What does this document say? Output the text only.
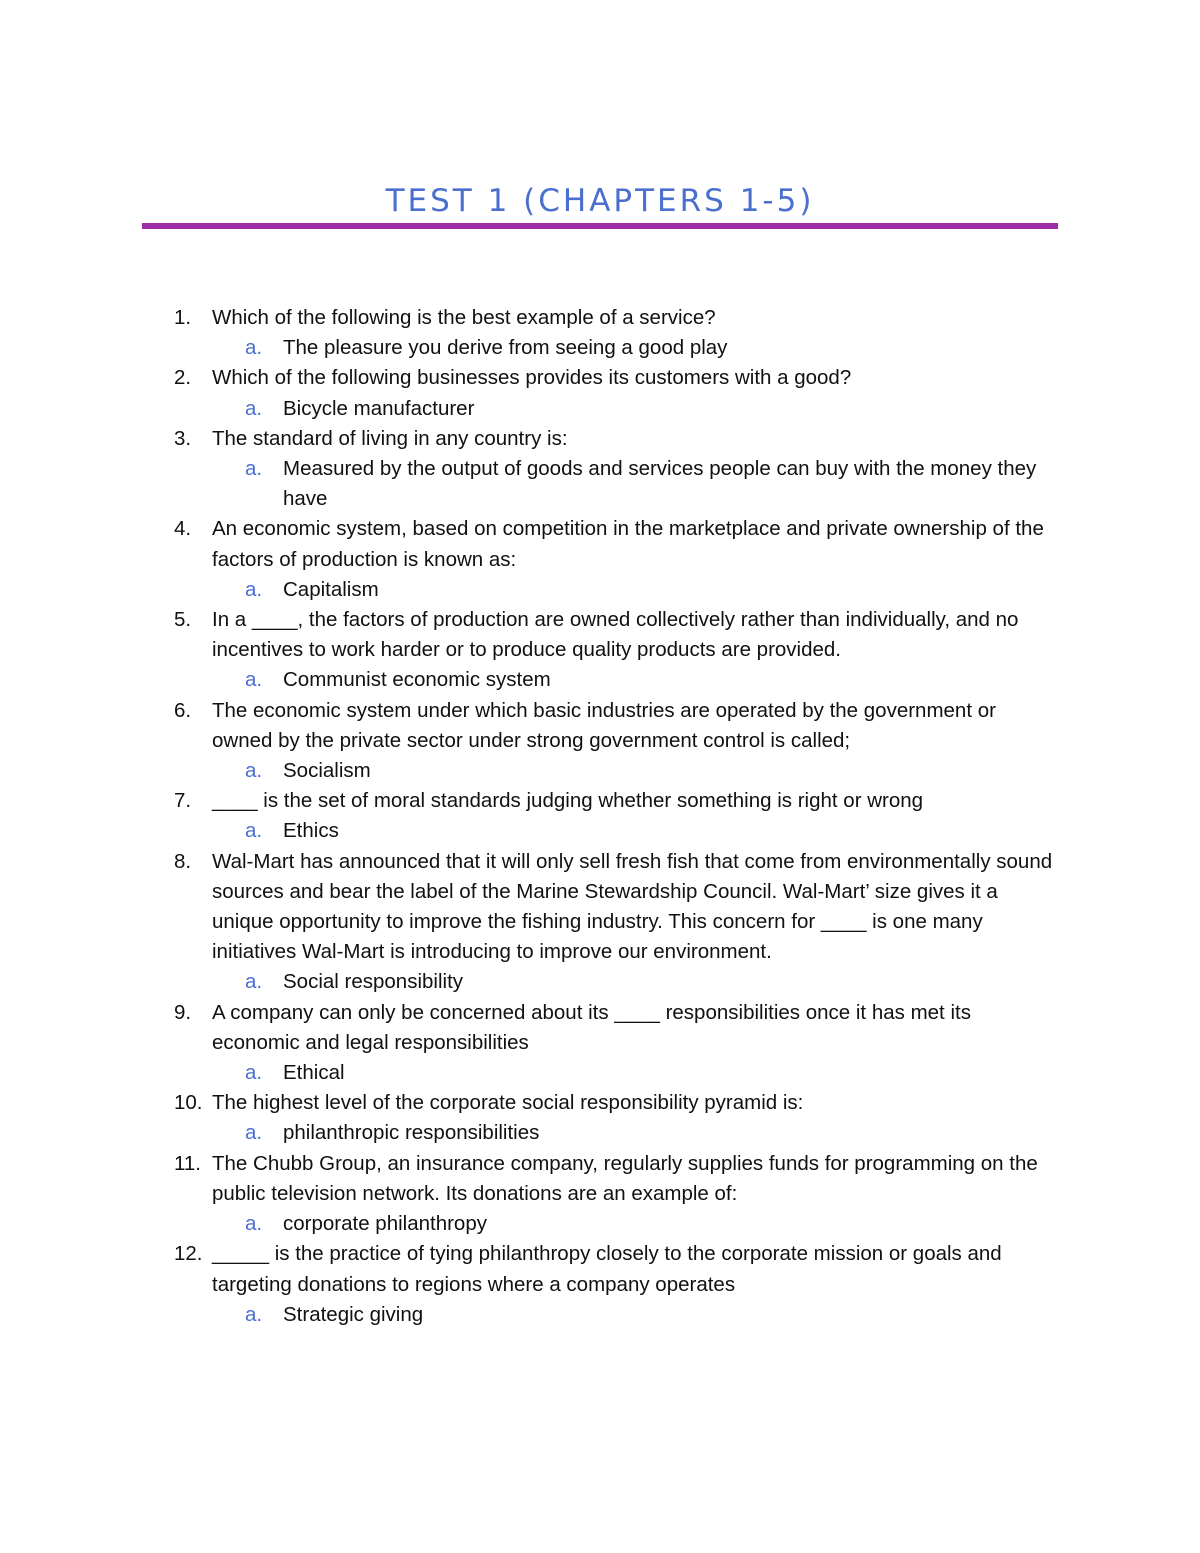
TEST 1 (CHAPTERS 1-5)
1.	Which of the following is the best example of a service?
a. The pleasure you derive from seeing a good play
2.	Which of the following businesses provides its customers with a good?
a. Bicycle manufacturer
3.	The standard of living in any country is:
a. Measured by the output of goods and services people can buy with the money they have
4.	An economic system, based on competition in the marketplace and private ownership of the factors of production is known as:
a. Capitalism
5.	In a ____, the factors of production are owned collectively rather than individually, and no incentives to work harder or to produce quality products are provided.
a. Communist economic system
6.	The economic system under which basic industries are operated by the government or owned by the private sector under strong government control is called;
a. Socialism
7.	____ is the set of moral standards judging whether something is right or wrong
a. Ethics
8.	Wal-Mart has announced that it will only sell fresh fish that come from environmentally sound sources and bear the label of the Marine Stewardship Council. Wal-Mart’ size gives it a unique opportunity to improve the fishing industry. This concern for ____ is one many initiatives Wal-Mart is introducing to improve our environment.
a. Social responsibility
9.	A company can only be concerned about its ____ responsibilities once it has met its economic and legal responsibilities
a. Ethical
10. The highest level of the corporate social responsibility pyramid is:
a. philanthropic responsibilities
11. The Chubb Group, an insurance company, regularly supplies funds for programming on the public television network. Its donations are an example of:
a. corporate philanthropy
12. _____ is the practice of tying philanthropy closely to the corporate mission or goals and targeting donations to regions where a company operates
a. Strategic giving
